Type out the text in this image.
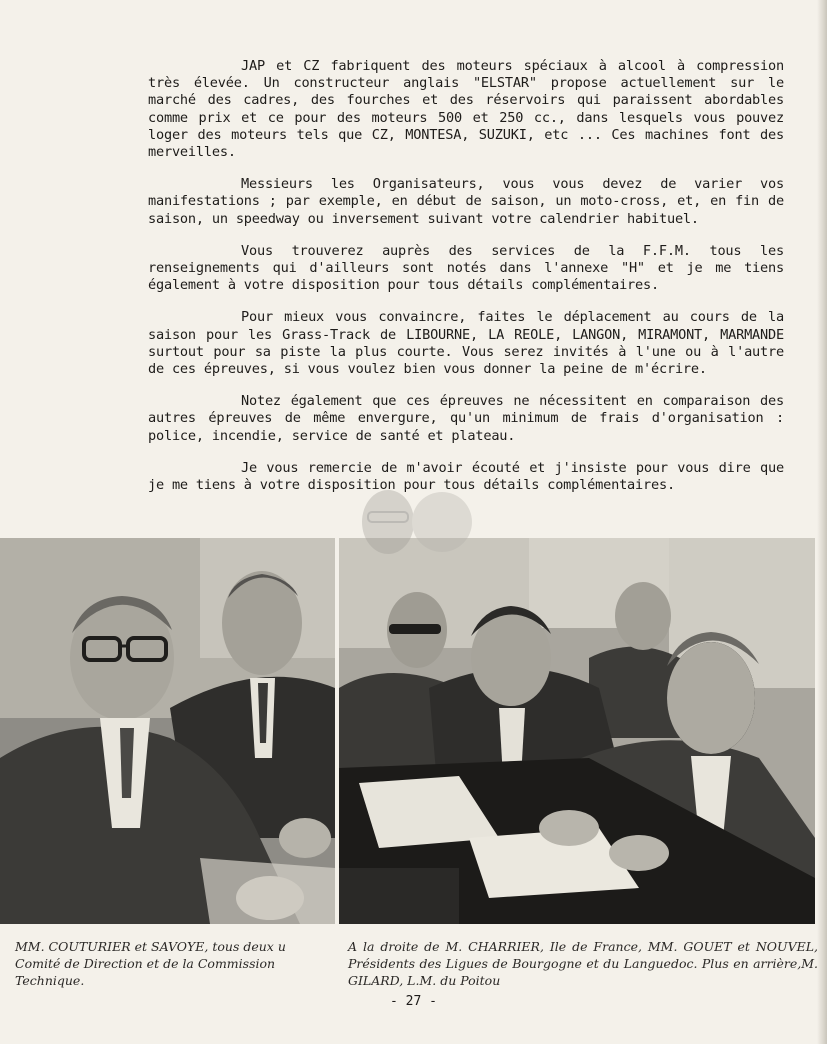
JAP et CZ fabriquent des moteurs spéciaux à alcool à compression très élevée. Un constructeur anglais "ELSTAR" propose actuellement sur le marché des cadres, des fourches et des réservoirs qui paraissent abordables comme prix et ce pour des moteurs 500 et 250 cc., dans lesquels vous pouvez loger des moteurs tels que CZ, MONTESA, SUZUKI, etc ... Ces machines font des merveilles.

Messieurs les Organisateurs, vous vous devez de varier vos manifestations ; par exemple, en début de saison, un moto-cross, et, en fin de saison, un speedway ou inversement suivant votre calendrier habituel.

Vous trouverez auprès des services de la F.F.M. tous les renseignements qui d'ailleurs sont notés dans l'annexe "H" et je me tiens également à votre disposition pour tous détails complémentaires.

Pour mieux vous convaincre, faites le déplacement au cours de la saison pour les Grass-Track de LIBOURNE, LA REOLE, LANGON, MIRAMONT, MARMANDE surtout pour sa piste la plus courte. Vous serez invités à l'une ou à l'autre de ces épreuves, si vous voulez bien vous donner la peine de m'écrire.

Notez également que ces épreuves ne nécessitent en comparaison des autres épreuves de même envergure, qu'un minimum de frais d'organisation : police, incendie, service de santé et plateau.

Je vous remercie de m'avoir écouté et j'insiste pour vous dire que je me tiens à votre disposition pour tous détails complémentaires.

MM. COUTURIER et SAVOYE, tous deux u Comité de Direction et de la Commission Technique.
A la droite de M. CHARRIER, Ile de France, MM. GOUET et NOUVEL, Présidents des Ligues de Bourgogne et du Languedoc. Plus en arrière,M. GILARD, L.M. du Poitou
- 27 -
